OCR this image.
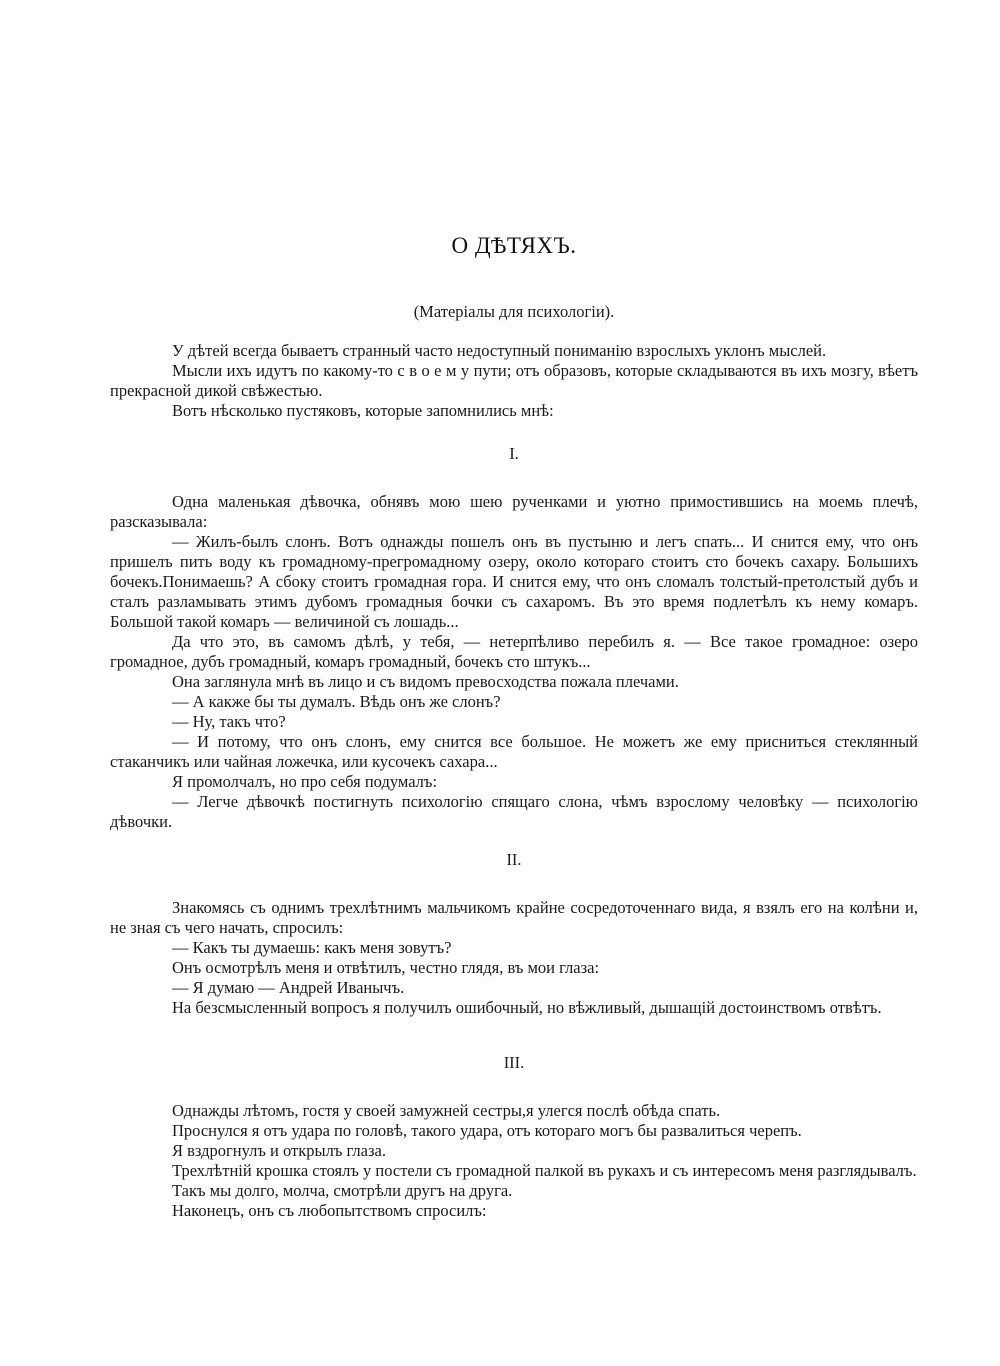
О ДѢТЯХЪ.
(Матеріалы для психологіи).

У дѣтей всегда бываетъ странный часто недоступный пониманію взрослыхъ уклонъ мыслей.

Мысли ихъ идутъ по какому-то с в о е м у пути; отъ образовъ, которые складываются въ ихъ мозгу, вѣетъ прекрасной дикой свѣжестью.

Вотъ нѣсколько пустяковъ, которые запомнились мнѣ:

I.

Одна маленькая дѣвочка, обнявъ мою шею рученками и уютно примостившись на моемь плечѣ, разсказывала:

— Жилъ-былъ слонъ. Вотъ однажды пошелъ онъ въ пустыню и легъ спать... И снится ему, что онъ пришелъ пить воду къ громадному-прегромадному озеру, около котораго стоитъ сто бочекъ сахару. Большихъ бочекъ.Понимаешь? А сбоку стоитъ громадная гора. И снится ему, что онъ сломалъ толстый-претолстый дубъ и сталъ разламывать этимъ дубомъ громадныя бочки съ сахаромъ. Въ это время подлетѣлъ къ нему комаръ. Большой такой комаръ — величиной съ лошадь...

Да что это, въ самомъ дѣлѣ, у тебя, — нетерпѣливо перебилъ я. — Все такое громадное: озеро громадное, дубъ громадный, комаръ громадный, бочекъ сто штукъ...

Она заглянула мнѣ въ лицо и съ видомъ превосходства пожала плечами.

— А какже бы ты думалъ. Вѣдь онъ же слонъ?

— Ну, такъ что?

— И потому, что онъ слонъ, ему снится все большое. Не можетъ же ему присниться стеклянный стаканчикъ или чайная ложечка, или кусочекъ сахара...

Я промолчалъ, но про себя подумалъ:

— Легче дѣвочкѣ постигнуть психологію спящаго слона, чѣмъ взрослому человѣку — психологію дѣвочки.

II.

Знакомясь съ однимъ трехлѣтнимъ мальчикомъ крайне сосредоточеннаго вида, я взялъ его на колѣни и, не зная съ чего начать, спросилъ:

— Какъ ты думаешь: какъ меня зовутъ?

Онъ осмотрѣлъ меня и отвѣтилъ, честно глядя, въ мои глаза:

— Я думаю — Андрей Иванычъ.

На безсмысленный вопросъ я получилъ ошибочный, но вѣжливый, дышащій достоинствомъ отвѣтъ.

III.

Однажды лѣтомъ, гостя у своей замужней сестры,я улегся послѣ обѣда спать.

Проснулся я отъ удара по головѣ, такого удара, отъ котораго могъ бы развалиться черепъ.

Я вздрогнулъ и открылъ глаза.

Трехлѣтній крошка стоялъ у постели съ громадной палкой въ рукахъ и съ интересомъ меня разглядывалъ.

Такъ мы долго, молча, смотрѣли другъ на друга.

Наконецъ, онъ съ любопытствомъ спросилъ:
